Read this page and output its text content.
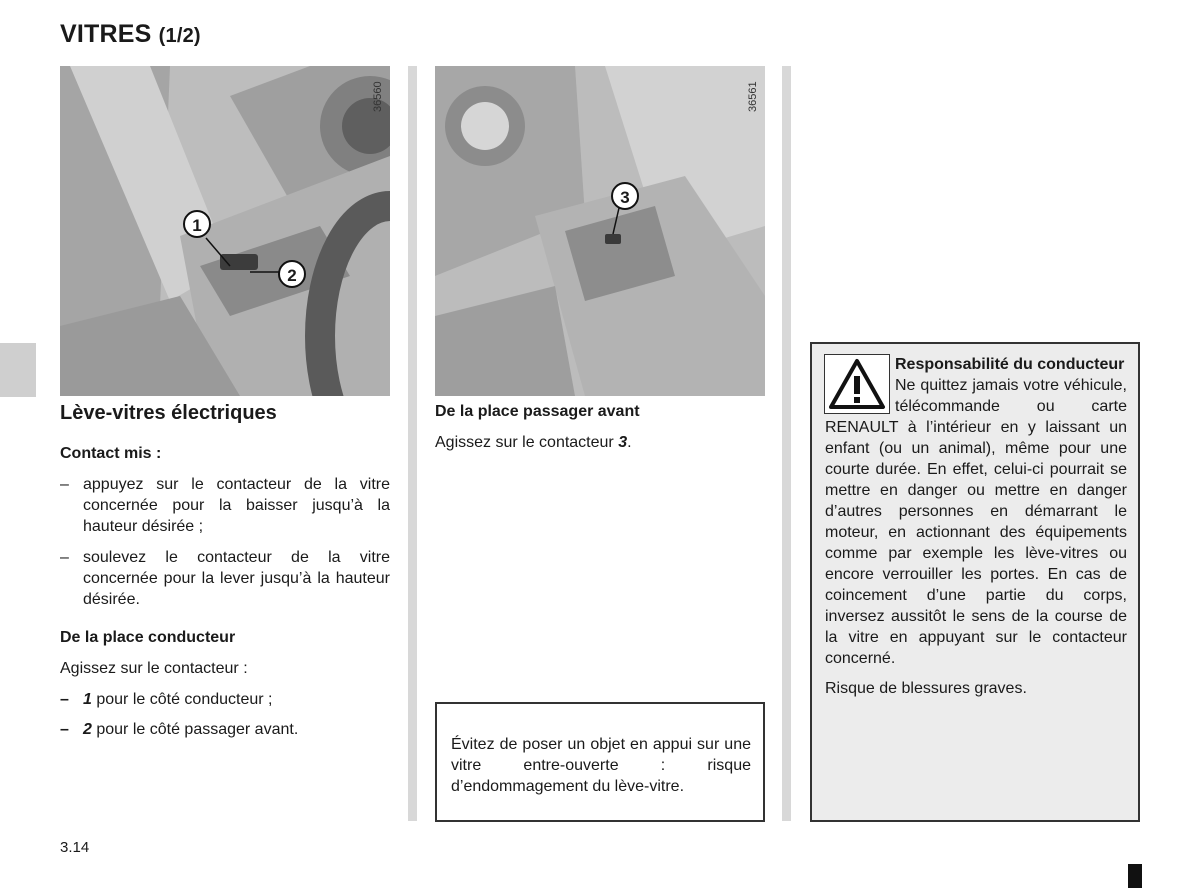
VITRES (1/2)
36560
1
2
36561
3
Lève-vitres électriques
Contact mis :
– appuyez sur le contacteur de la vitre concernée pour la baisser jusqu’à la hauteur désirée ;
– soulevez le contacteur de la vitre concernée pour la lever jusqu’à la hauteur désirée.
De la place conducteur
Agissez sur le contacteur :
– 1
pour le côté conducteur ;
– 2
pour le côté passager avant.
De la place passager avant
Agissez sur le contacteur 3.
Évitez de poser un objet en appui sur une vitre entre-ouverte : risque d’endommagement du lève-vitre.
Responsabilité du conducteur
Ne quittez jamais votre véhicule, télécommande ou carte RENAULT à l’intérieur en y laissant un enfant (ou un animal), même pour une courte durée. En effet, celui-ci pourrait se mettre en danger ou mettre en danger d’autres personnes en démarrant le moteur, en actionnant des équipements comme par exemple les lève-vitres ou encore verrouiller les portes. En cas de coincement d’une partie du corps, inversez aussitôt le sens de la course de la vitre en appuyant sur le contacteur concerné.
Risque de blessures graves.
3.14
